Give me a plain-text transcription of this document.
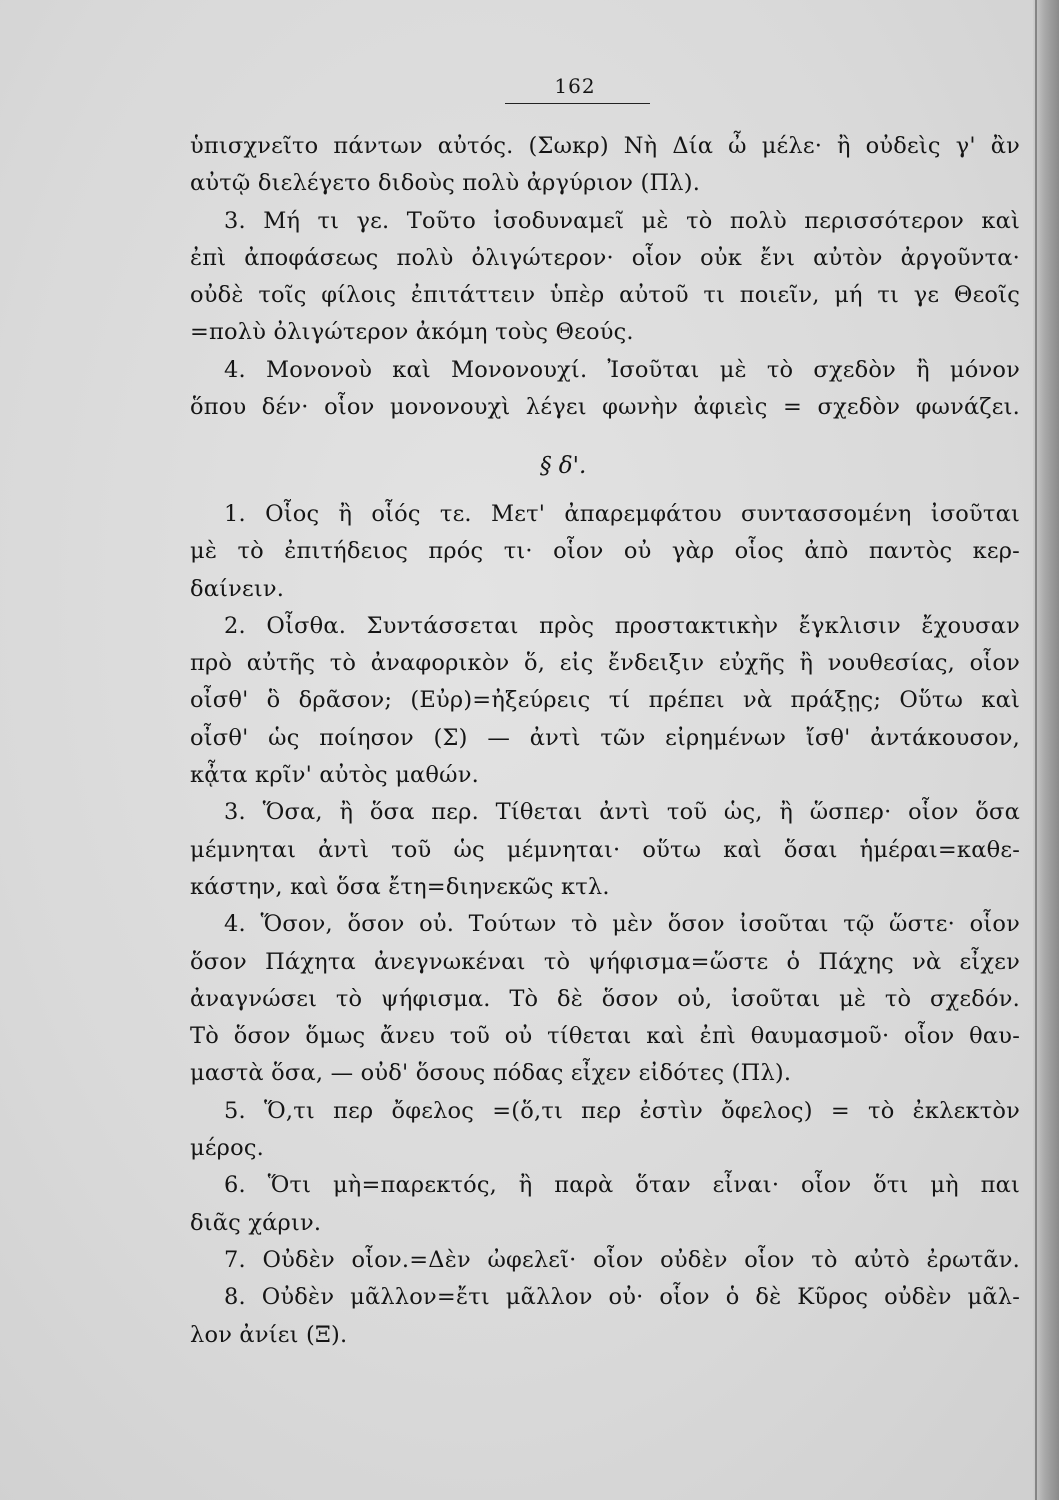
162
ὑπισχνεῖτο πάντων αὐτός. (Σωκρ) Νὴ Δία ὦ μέλε· ἢ οὐδεὶς γ' ἂν
αὐτῷ διελέγετο διδοὺς πολὺ ἀργύριον (Πλ).
3. Μή τι γε. Τοῦτο ἰσοδυναμεῖ μὲ τὸ πολὺ περισσότερον καὶ
ἐπὶ ἀποφάσεως πολὺ ὀλιγώτερον· οἷον οὐκ ἔνι αὐτὸν ἀργοῦντα·
οὐδὲ τοῖς φίλοις ἐπιτάττειν ὑπὲρ αὐτοῦ τι ποιεῖν, μή τι γε Θεοῖς
=πολὺ ὀλιγώτερον ἀκόμη τοὺς Θεούς.
4. Μονονοὺ καὶ Μονονουχί. Ἰσοῦται μὲ τὸ σχεδὸν ἢ μόνον
ὅπου δέν· οἷον μονονουχὶ λέγει φωνὴν ἀφιεὶς = σχεδὸν φωνάζει.
§ δ'.
1. Οἷος ἢ οἷός τε. Μετ' ἀπαρεμφάτου συντασσομένη ἰσοῦται
μὲ τὸ ἐπιτήδειος πρός τι· οἷον οὐ γὰρ οἷος ἀπὸ παντὸς κερ-
δαίνειν.
2. Οἶσθα. Συντάσσεται πρὸς προστακτικὴν ἔγκλισιν ἔχουσαν
πρὸ αὐτῆς τὸ ἀναφορικὸν ὅ, εἰς ἔνδειξιν εὐχῆς ἢ νουθεσίας, οἷον
οἶσθ' ὃ δρᾶσον; (Εὐρ)=ἠξεύρεις τί πρέπει νὰ πράξῃς; Οὕτω καὶ
οἶσθ' ὡς ποίησον (Σ) — ἀντὶ τῶν εἰρημένων ἴσθ' ἀντάκουσον,
κᾆτα κρῖν' αὐτὸς μαθών.
3. Ὅσα, ἢ ὅσα περ. Τίθεται ἀντὶ τοῦ ὡς, ἢ ὥσπερ· οἷον ὅσα
μέμνηται ἀντὶ τοῦ ὡς μέμνηται· οὕτω καὶ ὅσαι ἡμέραι=καθε-
κάστην, καὶ ὅσα ἔτη=διηνεκῶς κτλ.
4. Ὅσον, ὅσον οὐ. Τούτων τὸ μὲν ὅσον ἰσοῦται τῷ ὥστε· οἷον
ὅσον Πάχητα ἀνεγνωκέναι τὸ ψήφισμα=ὥστε ὁ Πάχης νὰ εἶχεν
ἀναγνώσει τὸ ψήφισμα. Τὸ δὲ ὅσον οὐ, ἰσοῦται μὲ τὸ σχεδόν.
Τὸ ὅσον ὅμως ἄνευ τοῦ οὐ τίθεται καὶ ἐπὶ θαυμασμοῦ· οἷον θαυ-
μαστὰ ὅσα, — οὐδ' ὅσους πόδας εἶχεν εἰδότες (Πλ).
5. Ὅ,τι περ ὄφελος =(ὅ,τι περ ἐστὶν ὄφελος) = τὸ ἐκλεκτὸν
μέρος.
6. Ὅτι μὴ=παρεκτός, ἢ παρὰ ὅταν εἶναι· οἷον ὅτι μὴ παι
διᾶς χάριν.
7. Οὐδὲν οἷον.=Δὲν ὠφελεῖ· οἷον οὐδὲν οἷον τὸ αὐτὸ ἐρωτᾶν.
8. Οὐδὲν μᾶλλον=ἔτι μᾶλλον οὐ· οἷον ὁ δὲ Κῦρος οὐδὲν μᾶλ-
λον ἀνίει (Ξ).
